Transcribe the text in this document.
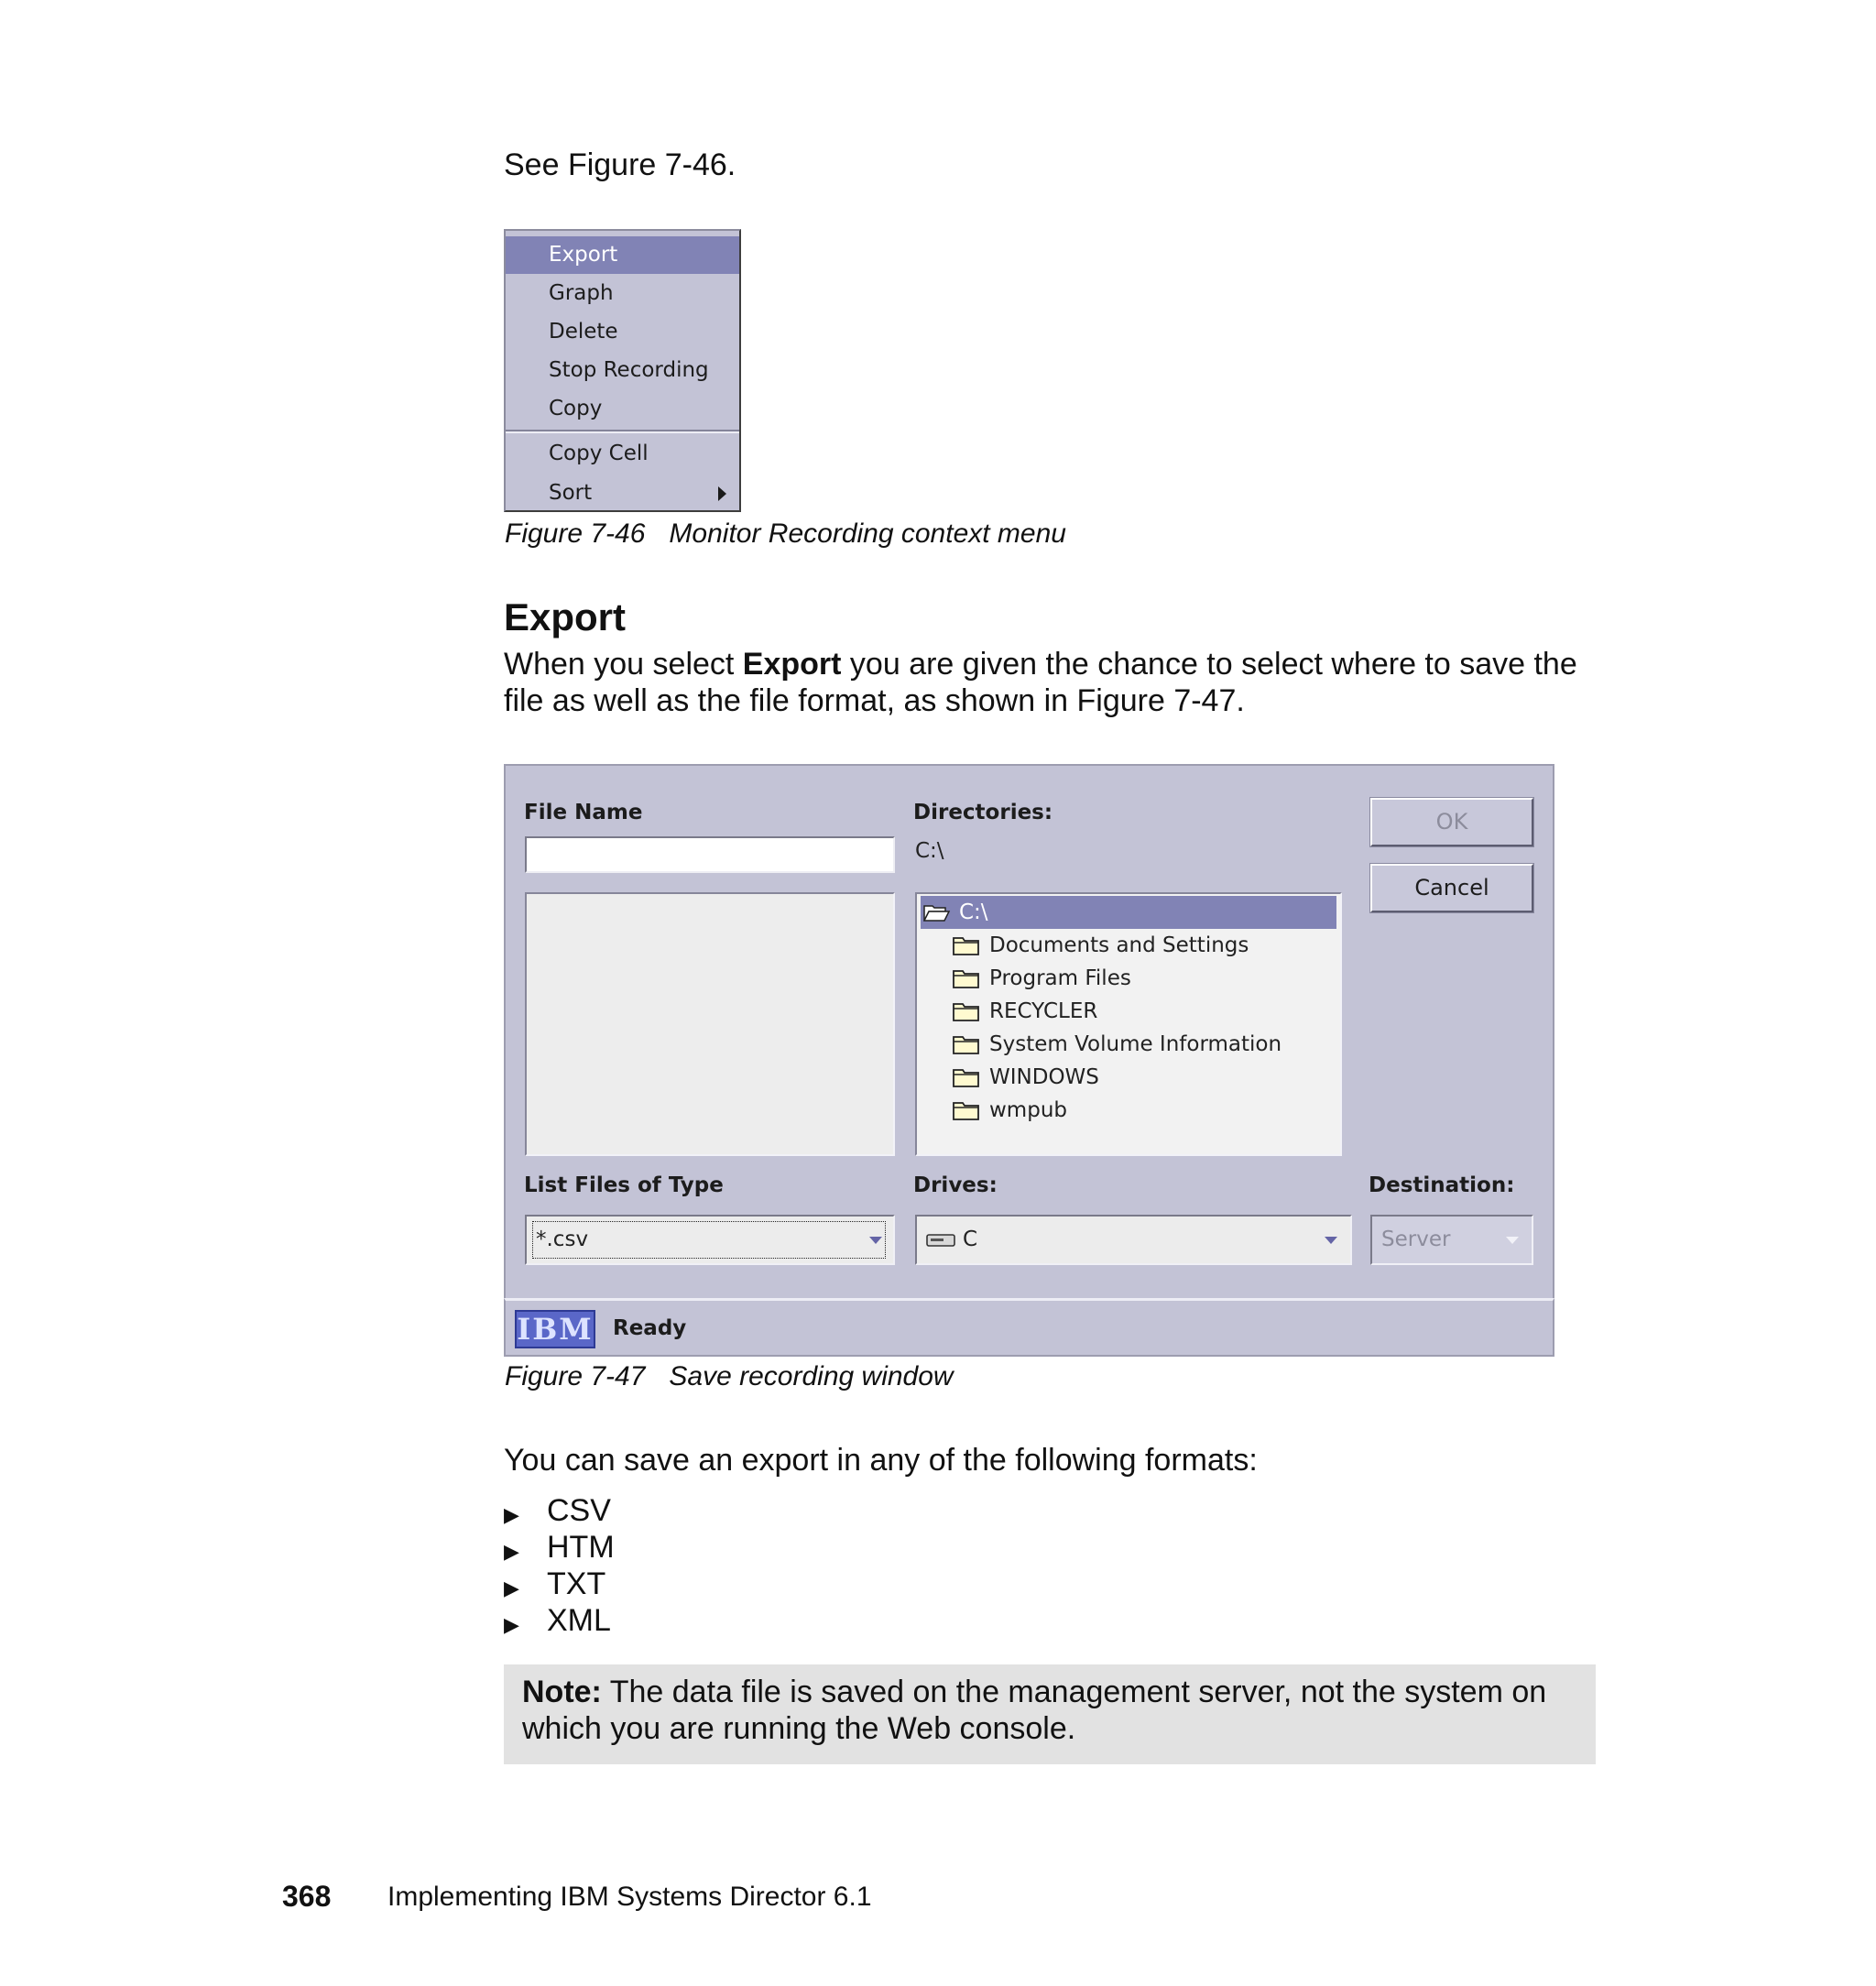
See Figure 7-46.
Export
Graph
Delete
Stop Recording
Copy
Copy Cell
Sort
Figure 7-46 Monitor Recording context menu
Export
When you select Export you are given the chance to select where to save the
file as well as the file format, as shown in Figure 7-47.
File Name	Directories:
C:\
C:\
Documents and Settings
Program Files
RECYCLER
System Volume Information
WINDOWS
wmpub
OK
Cancel
List Files of Type
*.csv
Drives:
C
Destination:
Server
IBM Ready
Figure 7-47 Save recording window
You can save an export in any of the following formats:
▶ CSV
▶ HTM
▶ TXT
▶ XML
Note: The data file is saved on the management server, not the system on
which you are running the Web console.
368 Implementing IBM Systems Director 6.1
